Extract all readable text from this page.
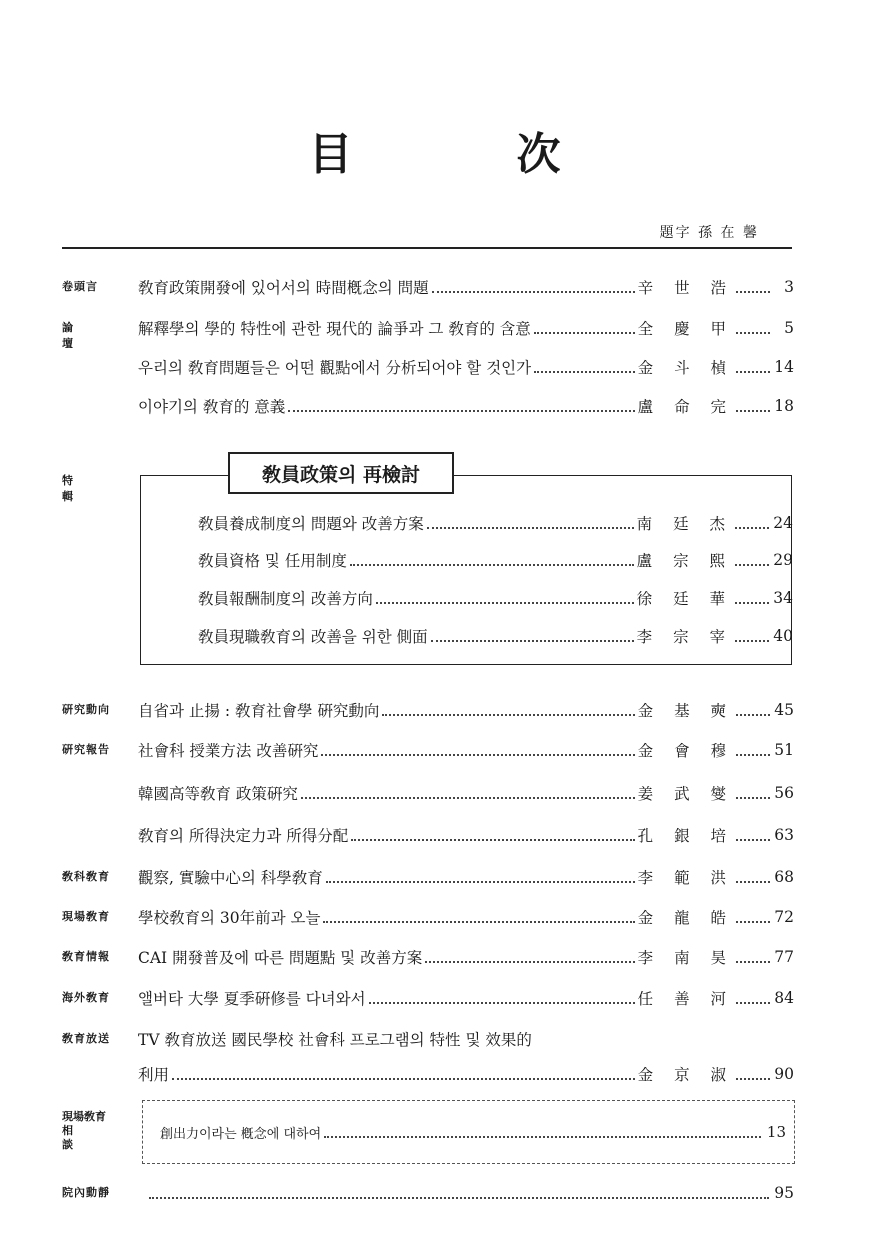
目　次
題字 孫 在 馨
敎員政策의 再檢討
卷頭言	敎育政策開發에 있어서의 時間槪念의 問題	辛 世 浩	3
論　壇
解釋學의 學的 特性에 관한 現代的 論爭과 그 敎育的 含意	全 慶 甲	5
우리의 敎育問題들은 어떤 觀點에서 分析되어야 할 것인가	金 斗 楨	14
이야기의 敎育的 意義	盧 命 完	18
特　輯
敎員養成制度의 問題와 改善方案	南 廷 杰	24
敎員資格 및 任用制度	盧 宗 熙	29
敎員報酬制度의 改善方向	徐 廷 華	34
敎員現職敎育의 改善을 위한 側面	李 宗 宰	40
硏究動向	自省과 止揚 : 敎育社會學 硏究動向	金 基 奭	45
硏究報告	社會科 授業方法 改善硏究	金 會 穆	51
韓國高等敎育 政策硏究	姜 武 燮	56
敎育의 所得決定力과 所得分配	孔 銀 培	63
敎科敎育	觀察, 實驗中心의 科學敎育	李 範 洪	68
現場敎育	學校敎育의 30年前과 오늘	金 龍 皓	72
敎育情報	CAI 開發普及에 따른 問題點 및 改善方案	李 南 昊	77
海外敎育	앨버타 大學 夏季硏修를 다녀와서	任 善 河	84
敎育放送	TV 敎育放送 國民學校 社會科 프로그램의 特性 및 效果的
利用	金 京 淑	90
現場敎育
相　談
創出力이라는 槪念에 대하여	13
院內動靜	95
